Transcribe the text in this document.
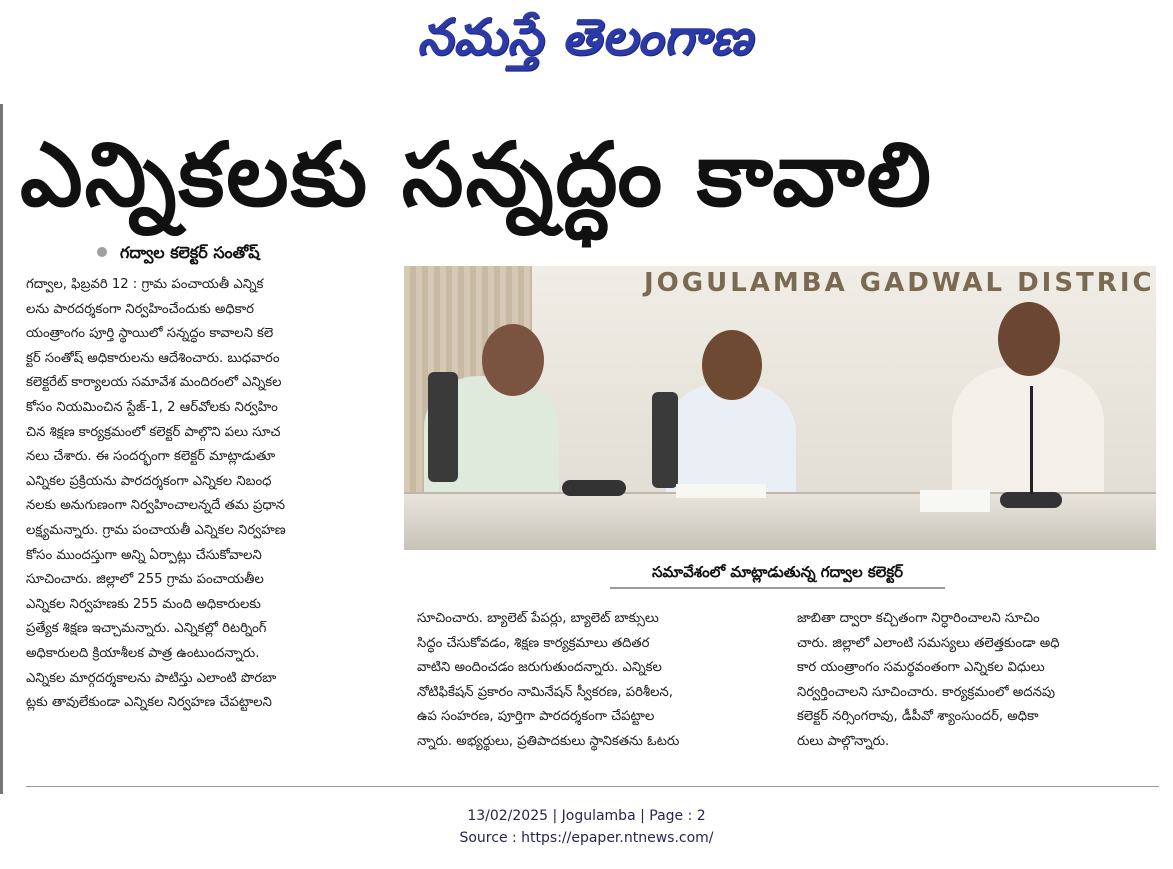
నమస్తే తెలంగాణ
ఎన్నికలకు సన్నద్ధం కావాలి
గద్వాల కలెక్టర్ సంతోష్

గద్వాల, ఫిబ్రవరి 12 : గ్రామ పంచాయతీ ఎన్నిక

లను పారదర్శకంగా నిర్వహించేందుకు అధికార

యంత్రాంగం పూర్తి స్థాయిలో సన్నద్ధం కావాలని కలె

క్టర్ సంతోష్ అధికారులను ఆదేశించారు. బుధవారం

కలెక్టరేట్ కార్యాలయ సమావేశ మందిరంలో ఎన్నికల

కోసం నియమించిన స్టేజ్-1, 2 ఆర్‌వోలకు నిర్వహిం

చిన శిక్షణ కార్యక్రమంలో కలెక్టర్ పాల్గొని పలు సూచ

నలు చేశారు. ఈ సందర్భంగా కలెక్టర్ మాట్లాడుతూ

ఎన్నికల ప్రక్రియను పారదర్శకంగా ఎన్నికల నిబంధ

నలకు అనుగుణంగా నిర్వహించాలన్నదే తమ ప్రధాన

లక్ష్యమన్నారు. గ్రామ పంచాయతీ ఎన్నికల నిర్వహణ

కోసం ముందస్తుగా అన్ని ఏర్పాట్లు చేసుకోవాలని

సూచించారు. జిల్లాలో 255 గ్రామ పంచాయతీల

ఎన్నికల నిర్వహణకు 255 మంది అధికారులకు

ప్రత్యేక శిక్షణ ఇచ్చామన్నారు. ఎన్నికల్లో రిటర్నింగ్

అధికారులది క్రియాశీలక పాత్ర ఉంటుందన్నారు.

ఎన్నికల మార్గదర్శకాలను పాటిస్తు ఎలాంటి పొరబా

ట్లకు తావులేకుండా ఎన్నికల నిర్వహణ చేపట్టాలని

JOGULAMBA GADWAL DISTRIC
సమావేశంలో మాట్లాడుతున్న గద్వాల కలెక్టర్

సూచించారు. బ్యాలెట్ పేపర్లు, బ్యాలెట్ బాక్సులు

సిద్ధం చేసుకోవడం, శిక్షణ కార్యక్రమాలు తదితర

వాటిని అందించడం జరుగుతుందన్నారు. ఎన్నికల

నోటిఫికేషన్ ప్రకారం నామినేషన్ స్వీకరణ, పరిశీలన,

ఉప సంహరణ, పూర్తిగా పారదర్శకంగా చేపట్టాల

న్నారు. అభ్యర్థులు, ప్రతిపాదకులు స్థానికతను ఓటరు

జాబితా ద్వారా కచ్చితంగా నిర్ధారించాలని సూచిం

చారు. జిల్లాలో ఎలాంటి సమస్యలు తలెత్తకుండా అధి

కార యంత్రాంగం సమర్థవంతంగా ఎన్నికల విధులు

నిర్వర్తించాలని సూచించారు. కార్యక్రమంలో అదనపు

కలెక్టర్ నర్సింగరావు, డీపీవో శ్యాంసుందర్, అధికా

రులు పాల్గొన్నారు.

13/02/2025 | Jogulamba | Page : 2
Source : https://epaper.ntnews.com/
